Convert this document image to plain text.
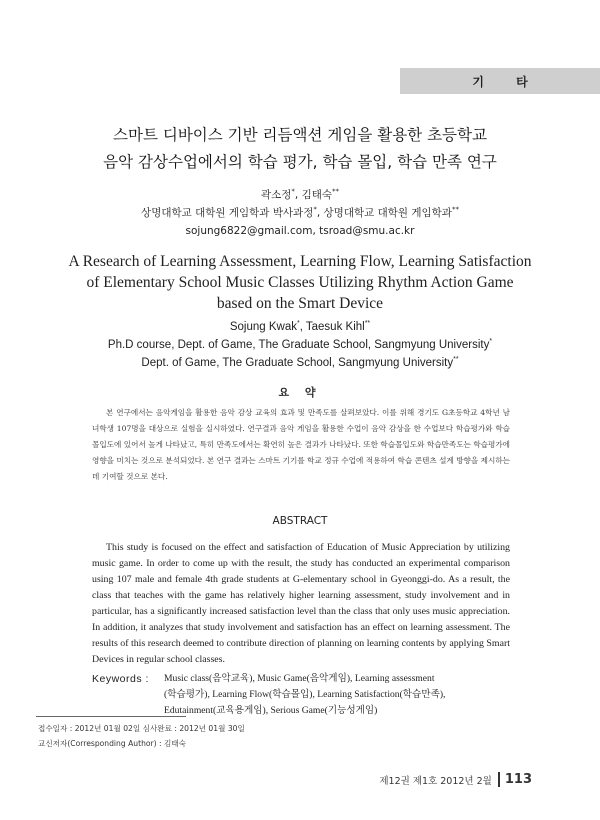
기 타
스마트 디바이스 기반 리듬액션 게임을 활용한 초등학교
음악 감상수업에서의 학습 평가, 학습 몰입, 학습 만족 연구
곽소정*, 김태숙**
상명대학교 대학원 게임학과 박사과정*, 상명대학교 대학원 게임학과**
sojung6822@gmail.com, tsroad@smu.ac.kr
A Research of Learning Assessment, Learning Flow, Learning Satisfaction
of Elementary School Music Classes Utilizing Rhythm Action Game
based on the Smart Device
Sojung Kwak*, Taesuk Kihl**
Ph.D course, Dept. of Game, The Graduate School, Sangmyung University*
Dept. of Game, The Graduate School, Sangmyung University**
요 약
본 연구에서는 음악게임을 활용한 음악 감상 교육의 효과 및 만족도를 살펴보았다. 이를 위해 경기도 G초등학교 4학년 남녀학생 107명을 대상으로 실험을 실시하였다. 연구결과 음악 게임을 활용한 수업이 음악 감상을 한 수업보다 학습평가와 학습몰입도에 있어서 높게 나타났고, 특히 만족도에서는 확연히 높은 결과가 나타났다. 또한 학습몰입도와 학습만족도는 학습평가에 영향을 미치는 것으로 분석되었다. 본 연구 결과는 스마트 기기를 학교 정규 수업에 적용하여 학습 콘텐츠 설계 방향을 제시하는데 기여할 것으로 본다.
ABSTRACT
This study is focused on the effect and satisfaction of Education of Music Appreciation by utilizing music game. In order to come up with the result, the study has conducted an experimental comparison using 107 male and female 4th grade students at G-elementary school in Gyeonggi-do. As a result, the class that teaches with the game has relatively higher learning assessment, study involvement and in particular, has a significantly increased satisfaction level than the class that only uses music appreciation. In addition, it analyzes that study involvement and satisfaction has an effect on learning assessment. The results of this research deemed to contribute direction of planning on learning contents by applying Smart Devices in regular school classes.
Keywords : Music class(음악교육), Music Game(음악게임), Learning assessment
(학습평가), Learning Flow(학습몰입), Learning Satisfaction(학습만족),
Edutainment(교육용게임), Serious Game(기능성게임)
접수일자 : 2012년 01월 02일 심사완료 : 2012년 01월 30일
교신저자(Corresponding Author) : 김태숙
제12권 제1호 2012년 2월 113
